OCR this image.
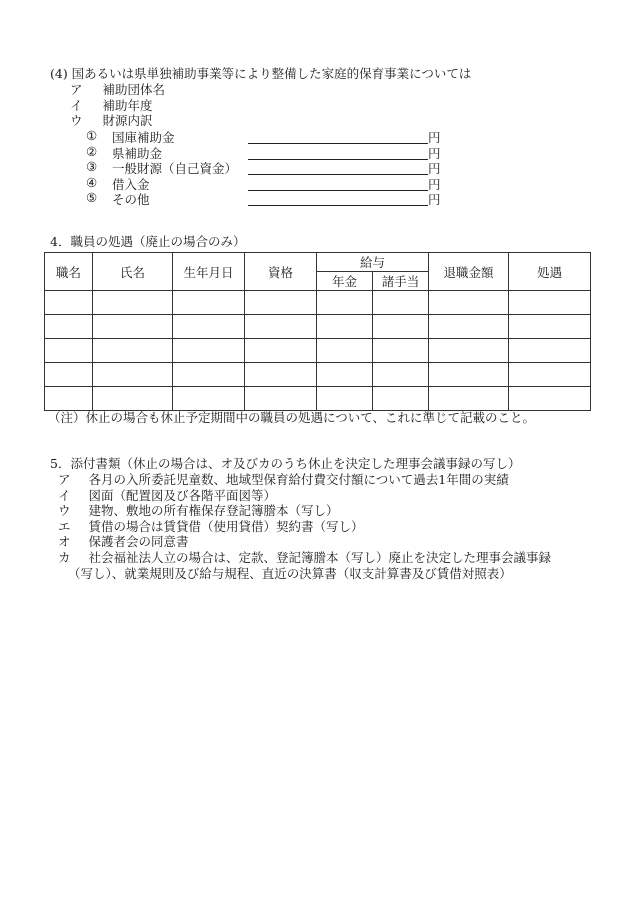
(4) 国あるいは県単独補助事業等により整備した家庭的保育事業については
ア 補助団体名
イ 補助年度
ウ 財源内訳
① 国庫補助金	円
② 県補助金	円
③ 一般財源（自己資金）	円
④ 借入金	円
⑤ その他	円
4．職員の処遇（廃止の場合のみ）
職名	氏名	生年月日	資格	給与		退職金額	処遇
				年金	諸手当		

（注）休止の場合も休止予定期間中の職員の処遇について、これに準じて記載のこと。
5．添付書類（休止の場合は、オ及びカのうち休止を決定した理事会議事録の写し）
ア 各月の入所委託児童数、地域型保育給付費交付額について過去1年間の実績
イ 図面（配置図及び各階平面図等）
ウ 建物、敷地の所有権保存登記簿謄本（写し）
エ 賃借の場合は賃貸借（使用貸借）契約書（写し）
オ 保護者会の同意書
カ 社会福祉法人立の場合は、定款、登記簿謄本（写し）廃止を決定した理事会議事録
（写し）、就業規則及び給与規程、直近の決算書（収支計算書及び賃借対照表）
